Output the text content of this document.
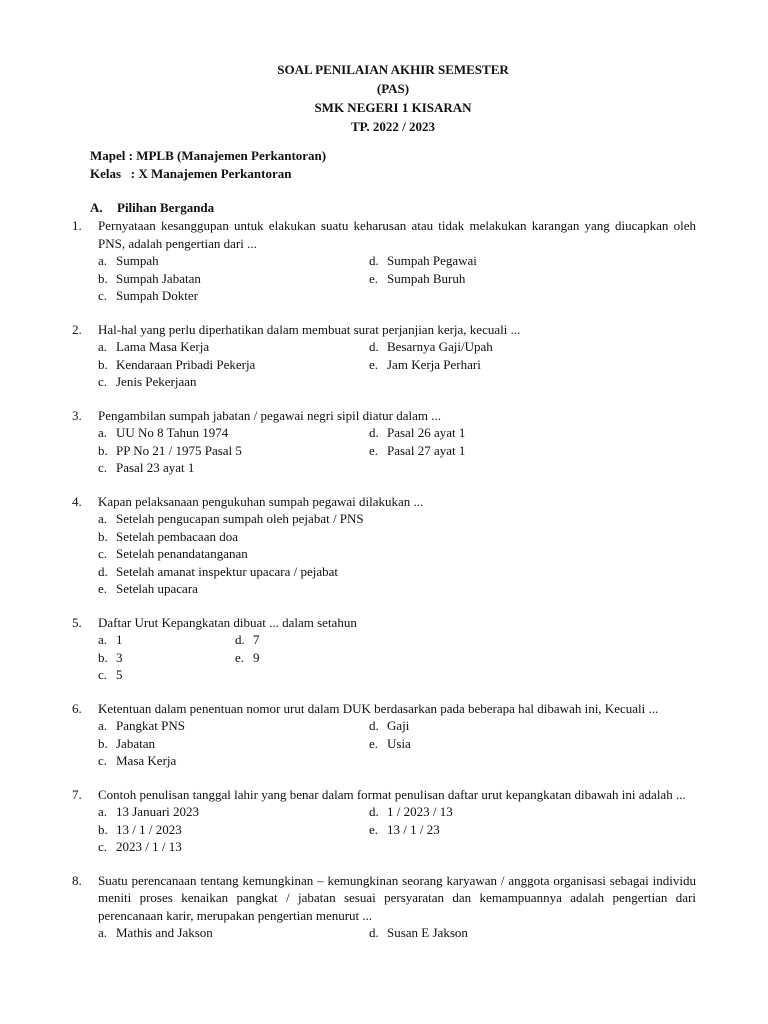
SOAL PENILAIAN AKHIR SEMESTER
(PAS)
SMK NEGERI 1 KISARAN
TP. 2022 / 2023
Mapel : MPLB (Manajemen Perkantoran)
Kelas   : X Manajemen Perkantoran
A. Pilihan Berganda
1. Pernyataan kesanggupan untuk elakukan suatu keharusan atau tidak melakukan karangan yang diucapkan oleh PNS, adalah pengertian dari ...
a. Sumpah	d. Sumpah Pegawai
b. Sumpah Jabatan	e. Sumpah Buruh
c. Sumpah Dokter
2. Hal-hal yang perlu diperhatikan dalam membuat surat perjanjian kerja, kecuali ...
a. Lama Masa Kerja	d. Besarnya Gaji/Upah
b. Kendaraan Pribadi Pekerja	e. Jam Kerja Perhari
c. Jenis Pekerjaan
3. Pengambilan sumpah jabatan / pegawai negri sipil diatur dalam ...
a. UU No 8 Tahun 1974	d. Pasal 26 ayat 1
b. PP No 21 / 1975 Pasal 5	e. Pasal 27 ayat 1
c. Pasal 23 ayat 1
4. Kapan pelaksanaan pengukuhan sumpah pegawai dilakukan ...
a. Setelah pengucapan sumpah oleh pejabat / PNS
b. Setelah pembacaan doa
c. Setelah penandatanganan
d. Setelah amanat inspektur upacara / pejabat
e. Setelah upacara
5. Daftar Urut Kepangkatan dibuat ... dalam setahun
a. 1	d. 7
b. 3	e. 9
c. 5
6. Ketentuan dalam penentuan nomor urut dalam DUK berdasarkan pada beberapa hal dibawah ini, Kecuali ...
a. Pangkat PNS	d. Gaji
b. Jabatan	e. Usia
c. Masa Kerja
7. Contoh penulisan tanggal lahir yang benar dalam format penulisan daftar urut kepangkatan dibawah ini adalah ...
a. 13 Januari 2023	d. 1 / 2023 / 13
b. 13 / 1 / 2023	e. 13 / 1 / 23
c. 2023 / 1 / 13
8. Suatu perencanaan tentang kemungkinan – kemungkinan seorang karyawan / anggota organisasi sebagai individu meniti proses kenaikan pangkat / jabatan sesuai persyaratan dan kemampuannya adalah pengertian dari perencanaan karir, merupakan pengertian menurut ...
a. Mathis and Jakson	d. Susan E Jakson
